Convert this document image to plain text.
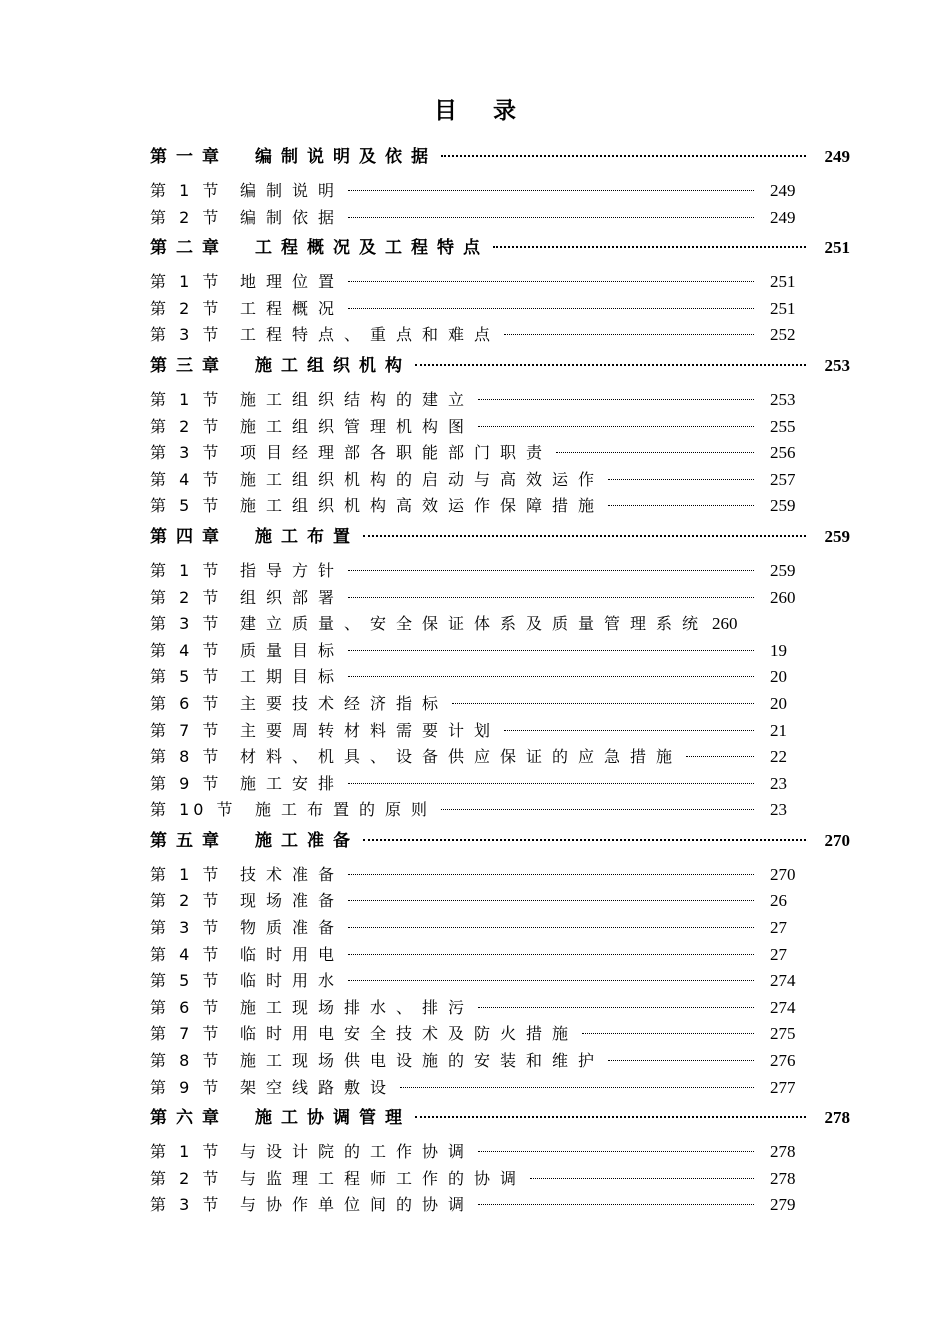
目录
第一章	编制说明及依据	249
第 1 节	编制说明	249
第 2 节	编制依据	249
第二章	工程概况及工程特点	251
第 1 节	地理位置	251
第 2 节	工程概况	251
第 3 节	工程特点、重点和难点	252
第三章	施工组织机构	253
第 1 节	施工组织结构的建立	253
第 2 节	施工组织管理机构图	255
第 3 节	项目经理部各职能部门职责	256
第 4 节	施工组织机构的启动与高效运作	257
第 5 节	施工组织机构高效运作保障措施	259
第四章	施工布置	259
第 1 节	指导方针	259
第 2 节	组织部署	260
第 3 节	建立质量、安全保证体系及质量管理系统 260
第 4 节	质量目标	19
第 5 节	工期目标	20
第 6 节	主要技术经济指标	20
第 7 节	主要周转材料需要计划	21
第 8 节	材料、机具、设备供应保证的应急措施	22
第 9 节	施工安排	23
第 10 节	施工布置的原则	23
第五章	施工准备	270
第 1 节	技术准备	270
第 2 节	现场准备	26
第 3 节	物质准备	27
第 4 节	临时用电	27
第 5 节	临时用水	274
第 6 节	施工现场排水、排污	274
第 7 节	临时用电安全技术及防火措施	275
第 8 节	施工现场供电设施的安装和维护	276
第 9 节	架空线路敷设	277
第六章	施工协调管理	278
第 1 节	与设计院的工作协调	278
第 2 节	与监理工程师工作的协调	278
第 3 节	与协作单位间的协调	279
